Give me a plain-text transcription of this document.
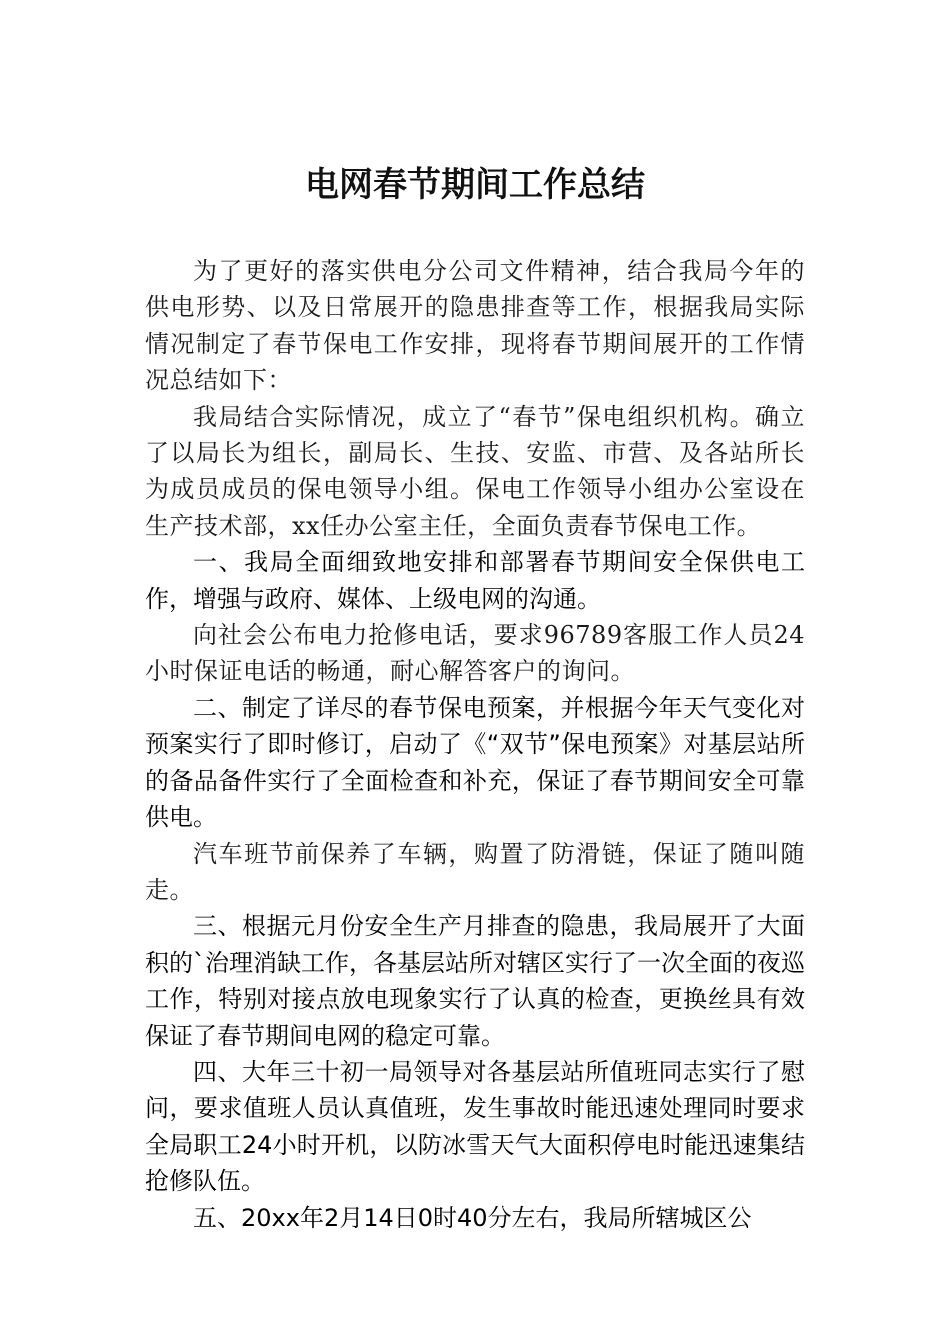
电网春节期间工作总结

为了更好的落实供电分公司文件精神，结合我局今年的供电形势、以及日常展开的隐患排查等工作，根据我局实际情况制定了春节保电工作安排，现将春节期间展开的工作情况总结如下：

我局结合实际情况，成立了“春节”保电组织机构。确立了以局长为组长，副局长、生技、安监、市营、及各站所长为成员成员的保电领导小组。保电工作领导小组办公室设在生产技术部，xx任办公室主任，全面负责春节保电工作。

一、我局全面细致地安排和部署春节期间安全保供电工作，增强与政府、媒体、上级电网的沟通。

向社会公布电力抢修电话，要求96789客服工作人员24小时保证电话的畅通，耐心解答客户的询问。

二、制定了详尽的春节保电预案，并根据今年天气变化对预案实行了即时修订，启动了《“双节”保电预案》对基层站所的备品备件实行了全面检查和补充，保证了春节期间安全可靠供电。

汽车班节前保养了车辆，购置了防滑链，保证了随叫随走。

三、根据元月份安全生产月排查的隐患，我局展开了大面积的`治理消缺工作，各基层站所对辖区实行了一次全面的夜巡工作，特别对接点放电现象实行了认真的检查，更换丝具有效保证了春节期间电网的稳定可靠。

四、大年三十初一局领导对各基层站所值班同志实行了慰问，要求值班人员认真值班，发生事故时能迅速处理同时要求全局职工24小时开机，以防冰雪天气大面积停电时能迅速集结抢修队伍。

五、20xx年2月14日0时40分左右，我局所辖城区公
